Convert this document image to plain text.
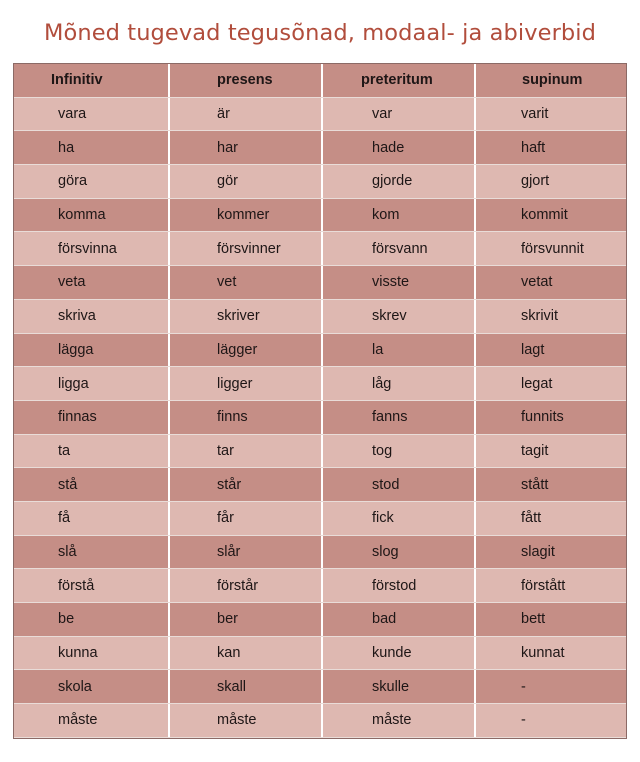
Mõned tugevad tegusõnad, modaal- ja abiverbid
Infinitiv	presens	preteritum	supinum
vara	är	var	varit
ha	har	hade	haft
göra	gör	gjorde	gjort
komma	kommer	kom	kommit
försvinna	försvinner	försvann	försvunnit
veta	vet	visste	vetat
skriva	skriver	skrev	skrivit
lägga	lägger	la	lagt
ligga	ligger	låg	legat
finnas	finns	fanns	funnits
ta	tar	tog	tagit
stå	står	stod	stått
få	får	fick	fått
slå	slår	slog	slagit
förstå	förstår	förstod	förstått
be	ber	bad	bett
kunna	kan	kunde	kunnat
skola	skall	skulle	-
måste	måste	måste	-
